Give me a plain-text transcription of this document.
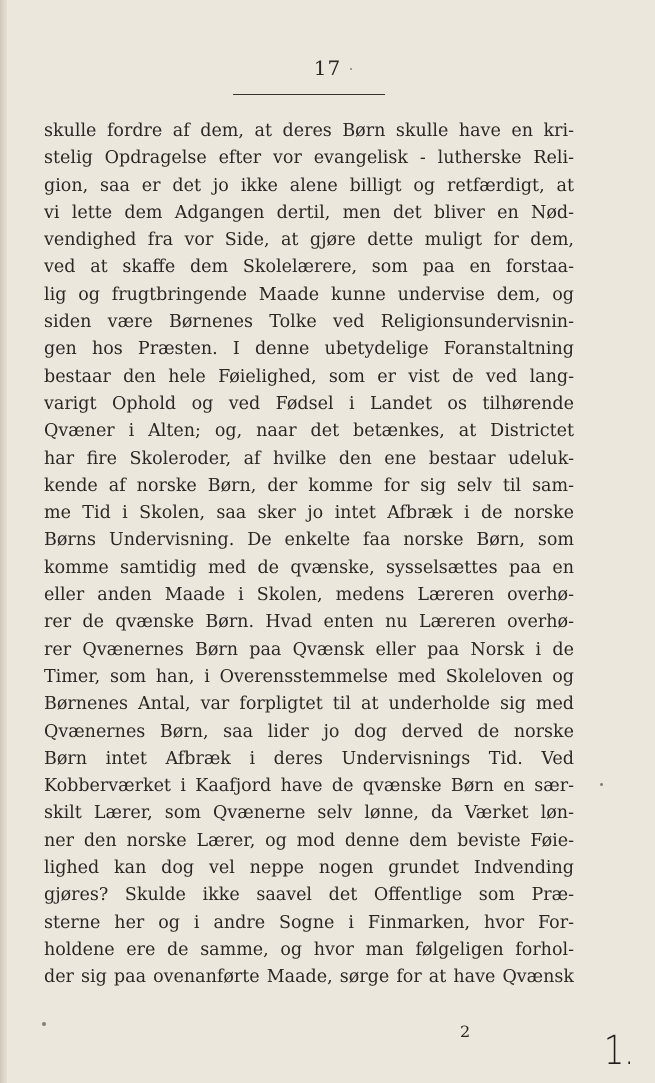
17
skulle fordre af dem, at deres Børn skulle have en kri-
stelig Opdragelse efter vor evangelisk - lutherske Reli-
gion, saa er det jo ikke alene billigt og retfærdigt, at
vi lette dem Adgangen dertil, men det bliver en Nød-
vendighed fra vor Side, at gjøre dette muligt for dem,
ved at skaffe dem Skolelærere, som paa en forstaa-
lig og frugtbringende Maade kunne undervise dem, og
siden være Børnenes Tolke ved Religionsundervisnin-
gen hos Præsten. I denne ubetydelige Foranstaltning
bestaar den hele Føielighed, som er vist de ved lang-
varigt Ophold og ved Fødsel i Landet os tilhørende
Qvæner i Alten; og, naar det betænkes, at Districtet
har fire Skoleroder, af hvilke den ene bestaar udeluk-
kende af norske Børn, der komme for sig selv til sam-
me Tid i Skolen, saa sker jo intet Afbræk i de norske
Børns Undervisning. De enkelte faa norske Børn, som
komme samtidig med de qvænske, sysselsættes paa en
eller anden Maade i Skolen, medens Læreren overhø-
rer de qvænske Børn. Hvad enten nu Læreren overhø-
rer Qvænernes Børn paa Qvænsk eller paa Norsk i de
Timer, som han, i Overensstemmelse med Skoleloven og
Børnenes Antal, var forpligtet til at underholde sig med
Qvænernes Børn, saa lider jo dog derved de norske
Børn intet Afbræk i deres Undervisnings Tid. Ved
Kobberværket i Kaafjord have de qvænske Børn en sær-
skilt Lærer, som Qvænerne selv lønne, da Værket løn-
ner den norske Lærer, og mod denne dem beviste Føie-
lighed kan dog vel neppe nogen grundet Indvending
gjøres? Skulde ikke saavel det Offentlige som Præ-
sterne her og i andre Sogne i Finmarken, hvor For-
holdene ere de samme, og hvor man følgeligen forhol-
der sig paa ovenanførte Maade, sørge for at have Qvænsk
2	1.
